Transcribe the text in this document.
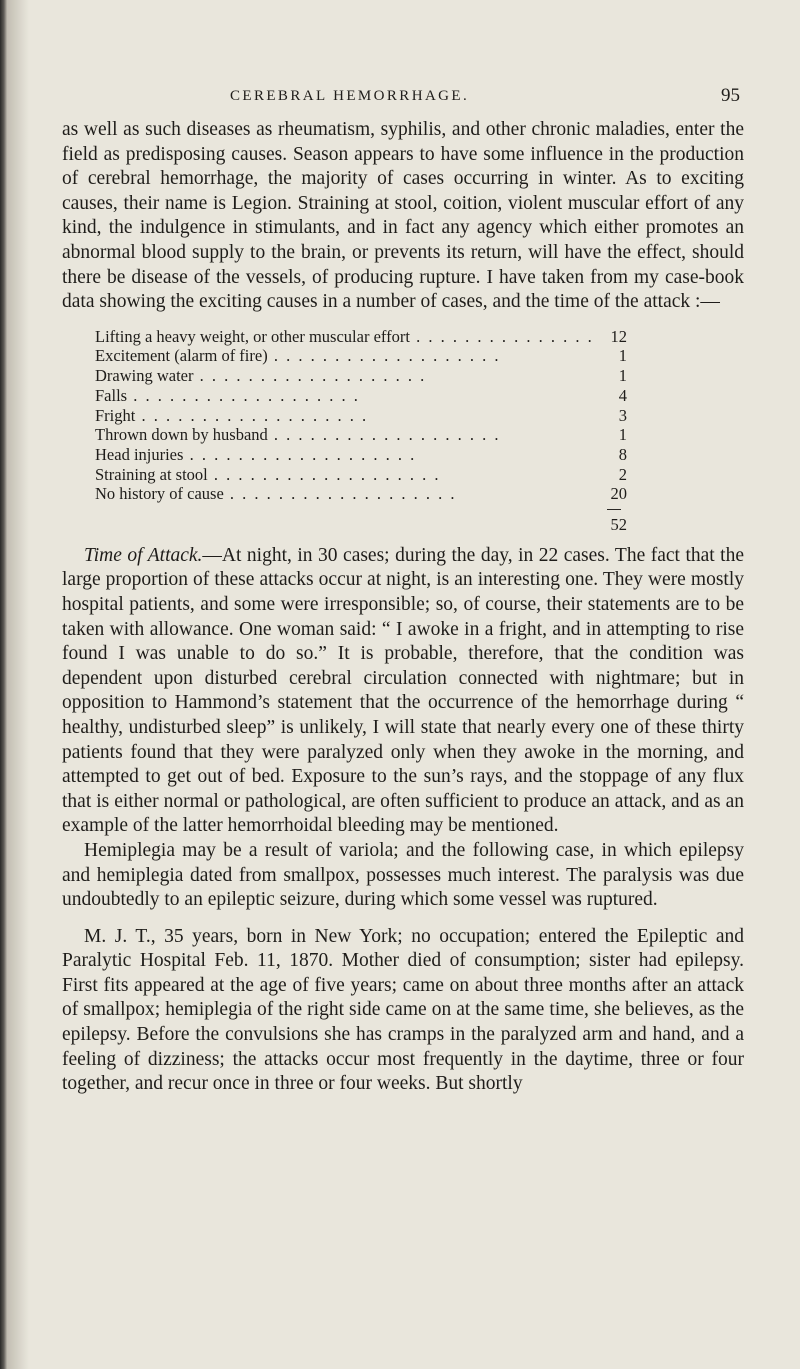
CEREBRAL HEMORRHAGE.	95

as well as such diseases as rheumatism, syphilis, and other chronic maladies, enter the field as predisposing causes. Season appears to have some influence in the production of cerebral hemorrhage, the majority of cases occurring in winter. As to exciting causes, their name is Legion. Straining at stool, coition, violent muscular effort of any kind, the indulgence in stimulants, and in fact any agency which either promotes an abnormal blood supply to the brain, or prevents its return, will have the effect, should there be disease of the vessels, of producing rupture. I have taken from my case-book data showing the exciting causes in a number of cases, and the time of the attack :—

Lifting a heavy weight, or other muscular effort . .	12
Excitement (alarm of fire) . .	1
Drawing water . .	1
Falls . .	4
Fright . .	3
Thrown down by husband . .	1
Head injuries . .	8
Straining at stool . .	2
No history of cause . .	20
52

Time of Attack.—At night, in 30 cases; during the day, in 22 cases. The fact that the large proportion of these attacks occur at night, is an interesting one. They were mostly hospital patients, and some were irresponsible; so, of course, their statements are to be taken with allowance. One woman said: “ I awoke in a fright, and in attempting to rise found I was unable to do so.” It is probable, therefore, that the condition was dependent upon disturbed cerebral circulation connected with nightmare; but in opposition to Hammond’s statement that the occurrence of the hemorrhage during “ healthy, undisturbed sleep” is unlikely, I will state that nearly every one of these thirty patients found that they were paralyzed only when they awoke in the morning, and attempted to get out of bed. Exposure to the sun’s rays, and the stoppage of any flux that is either normal or pathological, are often sufficient to produce an attack, and as an example of the latter hemorrhoidal bleeding may be mentioned.

Hemiplegia may be a result of variola; and the following case, in which epilepsy and hemiplegia dated from smallpox, possesses much interest. The paralysis was due undoubtedly to an epileptic seizure, during which some vessel was ruptured.

M. J. T., 35 years, born in New York; no occupation; entered the Epileptic and Paralytic Hospital Feb. 11, 1870. Mother died of consumption; sister had epilepsy. First fits appeared at the age of five years; came on about three months after an attack of smallpox; hemiplegia of the right side came on at the same time, she believes, as the epilepsy. Before the convulsions she has cramps in the paralyzed arm and hand, and a feeling of dizziness; the attacks occur most frequently in the daytime, three or four together, and recur once in three or four weeks. But shortly
